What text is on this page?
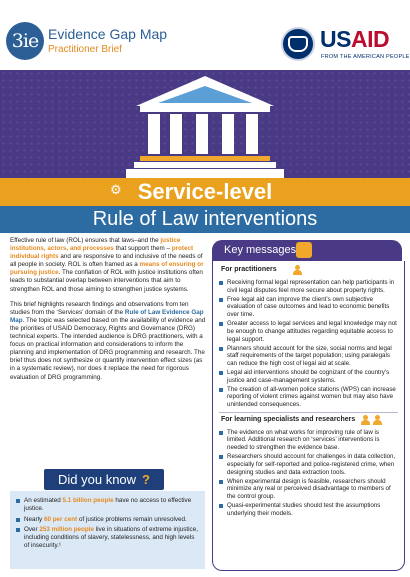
3ie Evidence Gap Map
Practitioner Brief	USAID
FROM THE AMERICAN PEOPLE
Service-level
⚙
Rule of Law interventions

Effective rule of law (ROL) ensures that laws–and the justice institutions, actors, and processes that support them – protect individual rights and are responsive to and inclusive of the needs of all people in society. ROL is often framed as a means of ensuring or pursuing justice. The conflation of ROL with justice institutions often leads to substantial overlap between interventions that aim to strengthen ROL and those aiming to strengthen justice systems.

This brief highlights research findings and observations from ten studies from the ‘Services’ domain of the Rule of Law Evidence Gap Map. The topic was selected based on the availability of evidence and the priorities of USAID Democracy, Rights and Governance (DRG) technical experts. The intended audience is DRG practitioners, with a focus on practical information and considerations to inform the planning and implementation of DRG programming and research. The brief thus does not synthesize or quantify intervention effect sizes (as in a systematic review), nor does it replace the need for rigorous evaluation of DRG programming.

Did you know ?
An estimated 5.1 billion people have no access to effective justice.
Nearly 60 per cent of justice problems remain unresolved.
Over 253 million people live in situations of extreme injustice, including conditions of slavery, statelessness, and high levels of insecurity.¹
Key messages
For practitioners
Receiving formal legal representation can help participants in civil legal disputes feel more secure about property rights.
Free legal aid can improve the client’s own subjective evaluation of case outcomes and lead to economic benefits over time.
Greater access to legal services and legal knowledge may not be enough to change attitudes regarding equitable access to legal support.
Planners should account for the size, social norms and legal staff requirements of the target population; using paralegals can reduce the high cost of legal aid at scale.
Legal aid interventions should be cognizant of the country’s justice and case-management systems.
The creation of all-women police stations (WPS) can increase reporting of violent crimes against women but may also have unintended consequences.
For learning specialists and researchers
The evidence on what works for improving rule of law is limited. Additional research on ‘services’ interventions is needed to strengthen the evidence base.
Researchers should account for challenges in data collection, especially for self-reported and police-registered crime, when designing studies and data extraction tools.
When experimental design is feasible, researchers should minimize any real or perceived disadvantage to members of the control group.
Quasi-experimental studies should test the assumptions underlying their models.
